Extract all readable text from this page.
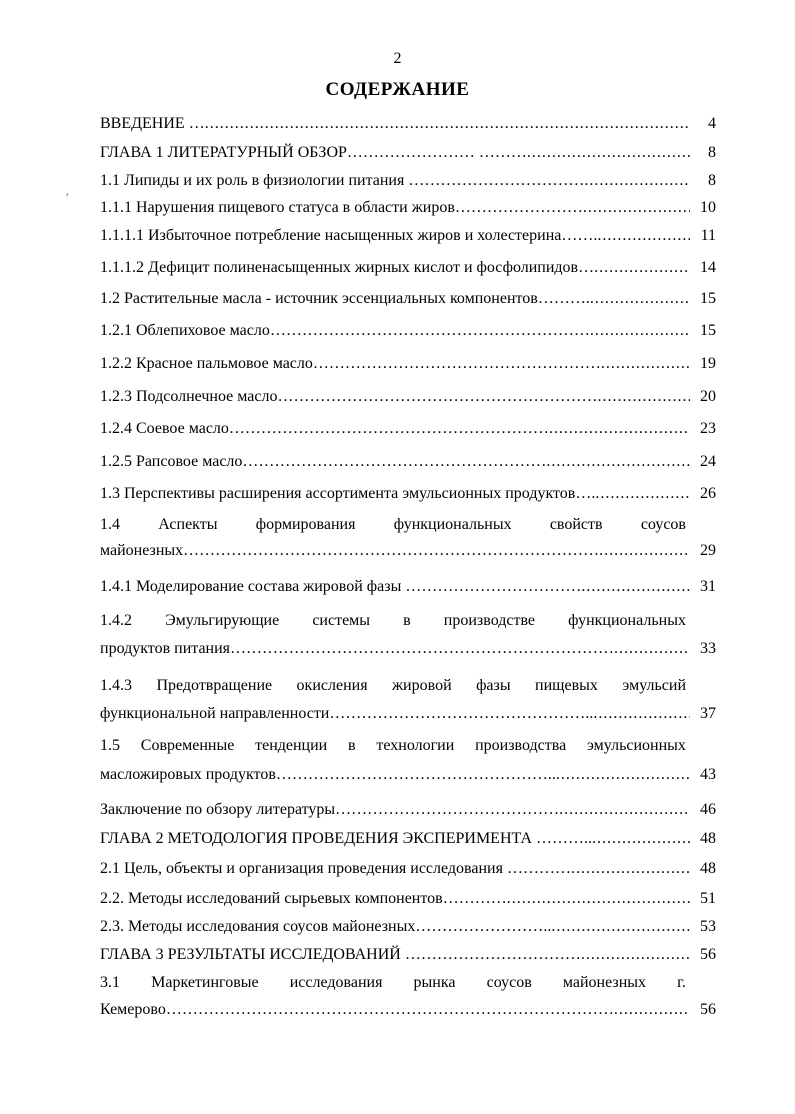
2
СОДЕРЖАНИЕ
′
ВВЕДЕНИЕ … .....	4
ГЛАВА 1 ЛИТЕРАТУРНЫЙ ОБЗОР…………………… ……… .....	8
1.1 Липиды и их роль в физиологии питания …………………………… .....	8
1.1.1 Нарушения пищевого статуса в области жиров…………………… .....	10
1.1.1.1 Избыточное потребление насыщенных жиров и холестерина……. .....	11
1.1.1.2 Дефицит полиненасыщенных жирных кислот и фосфолипидов… .....	14
1.2 Растительные масла - источник эссенциальных компонентов………. .....	15
1.2.1 Облепиховое масло…………………………………………………… .....	15
1.2.2 Красное пальмовое масло……………………………………………… .....	19
1.2.3 Подсолнечное масло…………………………………………………… .....	20
1.2.4 Соевое масло…………………………………………………… .....	23
1.2.5 Рапсовое масло………………………………………………… .....	24
1.3 Перспективы расширения ассортимента эмульсионных продуктов…. .....	26
1.4 Аспекты формирования функциональных свойств соусов
майонезных…………………………………………………………………… .....	29
1.4.1 Моделирование состава жировой фазы …………………………… .....	31
1.4.2 Эмульгирующие системы в производстве функциональных
продуктов питания……………………………………………………………… .....	33
1.4.3 Предотвращение окисления жировой фазы пищевых эмульсий
функциональной направленности………………………………………….. .....	37
1.5 Современные тенденции в технологии производства эмульсионных
масложировых продуктов…………………………………………….. .....	43
Заключение по обзору литературы…………………………………… .....	46
ГЛАВА 2 МЕТОДОЛОГИЯ ПРОВЕДЕНИЯ ЭКСПЕРИМЕНТА ……….. .....	48
2.1 Цель, объекты и организация проведения исследования ………… .....	48
2.2. Методы исследований сырьевых компонентов………… .....	51
2.3. Методы исследования соусов майонезных…………………….. .....	53
ГЛАВА 3 РЕЗУЛЬТАТЫ ИССЛЕДОВАНИЙ …………………………… .....	56
3.1 Маркетинговые исследования рынка соусов майонезных г.
Кемерово………………………………………………………………………… .....	56
